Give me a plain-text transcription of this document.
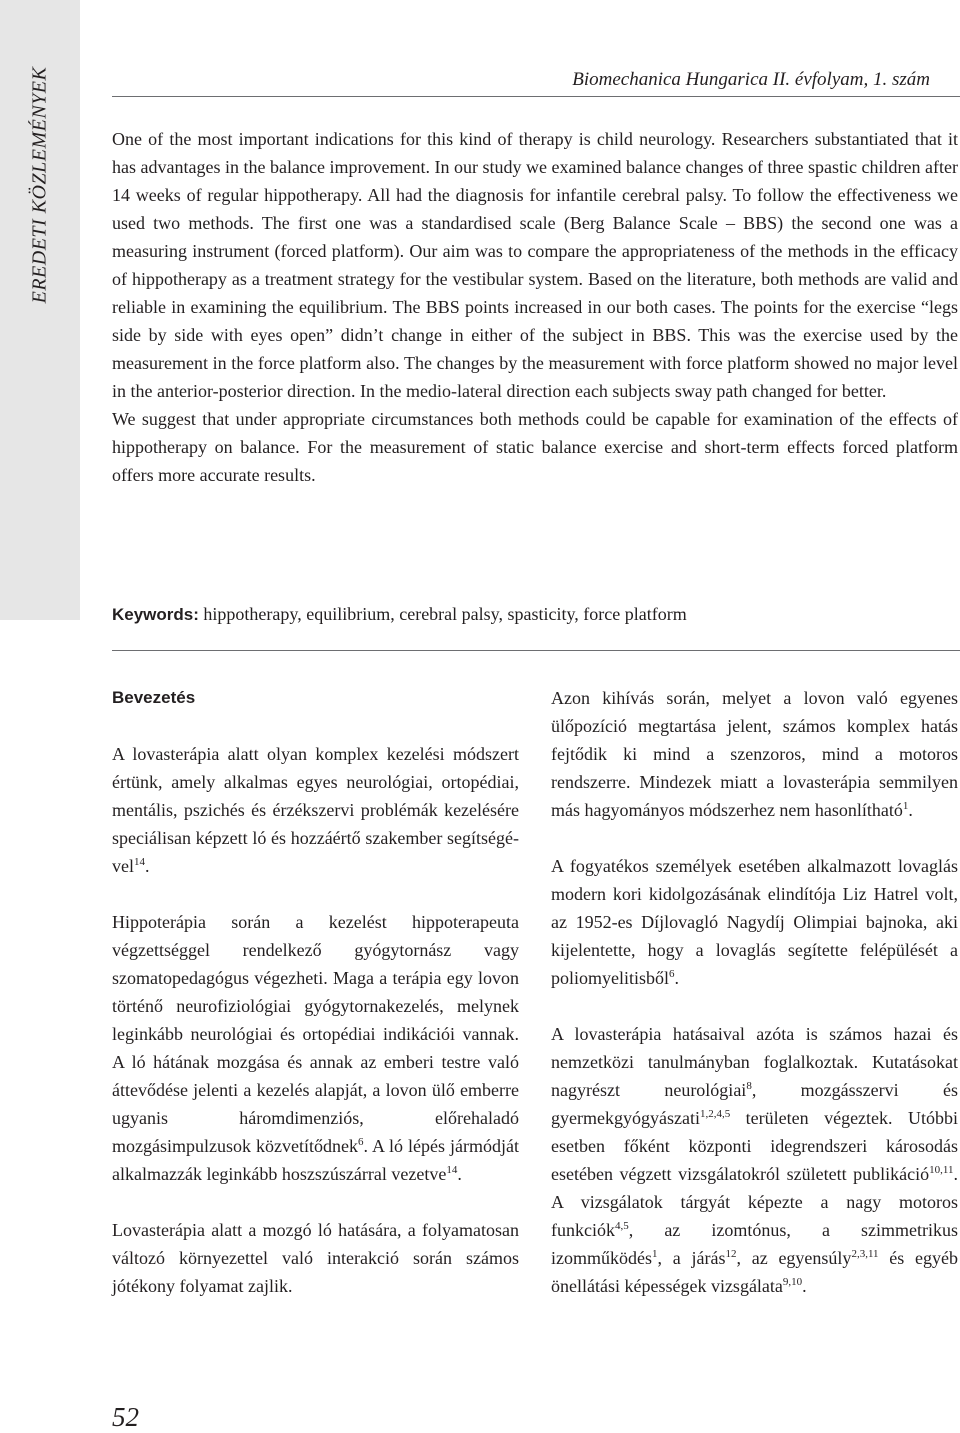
EREDETI KÖZLEMÉNYEK	Biomechanica Hungarica II. évfolyam, 1. szám

One of the most important indications for this kind of therapy is child neurology. Researchers substantiated that it has advantages in the balance improvement. In our study we examined balance changes of three spastic children after 14 weeks of regular hippotherapy. All had the diagnosis for infantile cerebral palsy. To follow the effectiveness we used two methods. The first one was a standardised scale (Berg Balance Scale – BBS) the second one was a measuring instrument (forced platform). Our aim was to compare the appropriateness of the methods in the efficacy of hippotherapy as a treatment strategy for the vestibular system. Based on the literature, both methods are valid and reliable in examining the equilibrium. The BBS points increased in our both cases. The points for the exercise “legs side by side with eyes open” didn’t change in either of the subject in BBS. This was the exercise used by the measurement in the force platform also. The changes by the measurement with force platform showed no major level in the anterior-posterior direction. In the medio-lateral direction each subjects sway path changed for better.

We suggest that under appropriate circumstances both methods could be capable for examination of the effects of hippotherapy on balance. For the measurement of static balance exercise and short-term effects forced platform offers more accurate results.

Keywords: hippotherapy, equilibrium, cerebral palsy, spasticity, force platform
Bevezetés

A lovasterápia alatt olyan komplex kezelési módszert értünk, amely alkalmas egyes neurológiai, ortopédiai, mentális, pszichés és érzékszervi problémák kezelésére speciálisan képzett ló és hozzáértő szakember segítségével$^{14}$.

Hippoterápia során a kezelést hippoterapeuta végzettséggel rendelkező gyógytornász vagy szomatopedagógus végezheti. Maga a terápia egy lovon történő neurofiziológiai gyógytornakezelés, melynek leginkább neurológiai és ortopédiai indikációi vannak. A ló hátának mozgása és annak az emberi testre való áttevődése jelenti a kezelés alapját, a lovon ülő emberre ugyanis háromdimenziós, előrehaladó mozgásimpulzusok közvetítődnek$^6$. A ló lépés jármódját alkalmazzák leginkább hoszszúszárral vezetve$^{14}$.

Lovasterápia alatt a mozgó ló hatására, a folyamatosan változó környezettel való interakció során számos jótékony folyamat zajlik.

Azon kihívás során, melyet a lovon való egyenes ülőpozíció megtartása jelent, számos komplex hatás fejtődik ki mind a szenzoros, mind a motoros rendszerre. Mindezek miatt a lovasterápia semmilyen más hagyományos módszerhez nem hasonlítható$^1$.

A fogyatékos személyek esetében alkalmazott lovaglás modern kori kidolgozásának elindítója Liz Hatrel volt, az 1952-es Díjlovagló Nagydíj Olimpiai bajnoka, aki kijelentette, hogy a lovaglás segítette felépülését a poliomyelitisből$^6$.

A lovasterápia hatásaival azóta is számos hazai és nemzetközi tanulmányban foglalkoztak. Kutatásokat nagyrészt neurológiai$^8$, mozgásszervi és gyermekgyógyászati$^{1,2,4,5}$ területen végeztek. Utóbbi esetben főként központi idegrendszeri károsodás esetében végzett vizsgálatokról született publikáció$^{10,11}$. A vizsgálatok tárgyát képezte a nagy motoros funkciók$^{4,5}$, az izomtónus, a szimmetrikus izomműködés$^1$, a járás$^{12}$, az egyensúly$^{2,3,11}$ és egyéb önellátási képességek vizsgálata$^{9,10}$.

52
